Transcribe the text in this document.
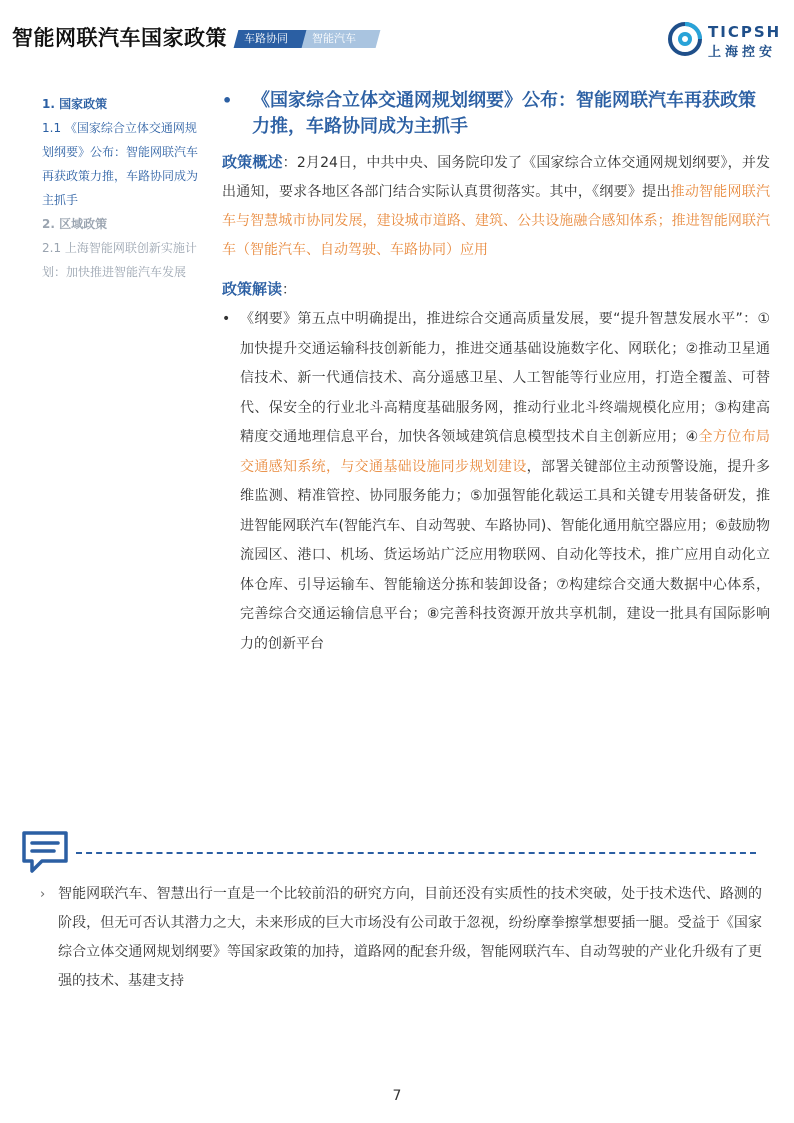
智能网联汽车国家政策	车路协同	智能汽车	TICPSH
上海控安
1. 国家政策
1.1 《国家综合立体交通网规划纲要》公布：智能网联汽车再获政策力推，车路协同成为主抓手
2. 区域政策
2.1 上海智能网联创新实施计划：加快推进智能汽车发展
• 《国家综合立体交通网规划纲要》公布：智能网联汽车再获政策力推，车路协同成为主抓手
政策概述：2月24日，中共中央、国务院印发了《国家综合立体交通网规划纲要》，并发出通知，要求各地区各部门结合实际认真贯彻落实。其中，《纲要》提出推动智能网联汽车与智慧城市协同发展，建设城市道路、建筑、公共设施融合感知体系；推进智能网联汽车（智能汽车、自动驾驶、车路协同）应用
政策解读：
• 《纲要》第五点中明确提出，推进综合交通高质量发展，要“提升智慧发展水平”：①加快提升交通运输科技创新能力，推进交通基础设施数字化、网联化；②推动卫星通信技术、新一代通信技术、高分遥感卫星、人工智能等行业应用，打造全覆盖、可替代、保安全的行业北斗高精度基础服务网，推动行业北斗终端规模化应用；③构建高精度交通地理信息平台，加快各领域建筑信息模型技术自主创新应用；④全方位布局交通感知系统，与交通基础设施同步规划建设，部署关键部位主动预警设施，提升多维监测、精准管控、协同服务能力；⑤加强智能化载运工具和关键专用装备研发，推进智能网联汽车(智能汽车、自动驾驶、车路协同)、智能化通用航空器应用；⑥鼓励物流园区、港口、机场、货运场站广泛应用物联网、自动化等技术，推广应用自动化立体仓库、引导运输车、智能输送分拣和装卸设备；⑦构建综合交通大数据中心体系，完善综合交通运输信息平台；⑧完善科技资源开放共享机制，建设一批具有国际影响力的创新平台
› 智能网联汽车、智慧出行一直是一个比较前沿的研究方向，目前还没有实质性的技术突破，处于技术迭代、路测的阶段，但无可否认其潜力之大，未来形成的巨大市场没有公司敢于忽视，纷纷摩拳擦掌想要插一腿。受益于《国家综合立体交通网规划纲要》等国家政策的加持，道路网的配套升级，智能网联汽车、自动驾驶的产业化升级有了更强的技术、基建支持
7
